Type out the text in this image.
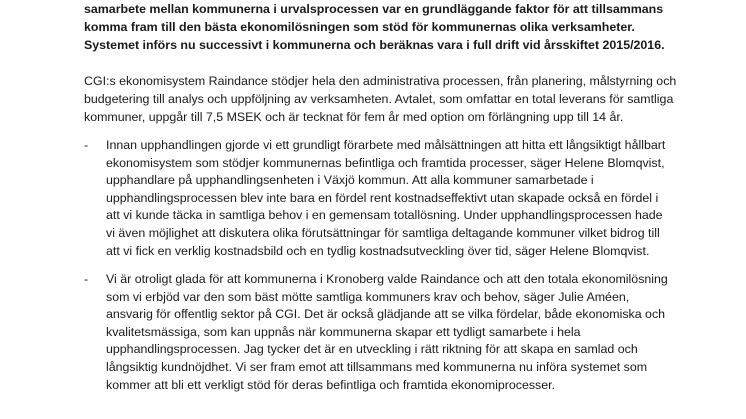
samarbete mellan kommunerna i urvalsprocessen var en grundläggande faktor för att tillsammans
komma fram till den bästa ekonomilösningen som stöd för kommunernas olika verksamheter.
Systemet införs nu successivt i kommunerna och beräknas vara i full drift vid årsskiftet 2015/2016.

CGI:s ekonomisystem Raindance stödjer hela den administrativa processen, från planering, målstyrning och
budgetering till analys och uppföljning av verksamheten. Avtalet, som omfattar en total leverans för samtliga
kommuner, uppgår till 7,5 MSEK och är tecknat för fem år med option om förlängning upp till 14 år.

-	Innan upphandlingen gjorde vi ett grundligt förarbete med målsättningen att hitta ett långsiktigt hållbart
ekonomisystem som stödjer kommunernas befintliga och framtida processer, säger Helene Blomqvist,
upphandlare på upphandlingsenheten i Växjö kommun. Att alla kommuner samarbetade i
upphandlingsprocessen blev inte bara en fördel rent kostnadseffektivt utan skapade också en fördel i
att vi kunde täcka in samtliga behov i en gemensam totallösning. Under upphandlingsprocessen hade
vi även möjlighet att diskutera olika förutsättningar för samtliga deltagande kommuner vilket bidrog till
att vi fick en verklig kostnadsbild och en tydlig kostnadsutveckling över tid, säger Helene Blomqvist.
-	Vi är otroligt glada för att kommunerna i Kronoberg valde Raindance och att den totala ekonomilösning
som vi erbjöd var den som bäst mötte samtliga kommuners krav och behov, säger Julie Améen,
ansvarig för offentlig sektor på CGI. Det är också glädjande att se vilka fördelar, både ekonomiska och
kvalitetsmässiga, som kan uppnås när kommunerna skapar ett tydligt samarbete i hela
upphandlingsprocessen. Jag tycker det är en utveckling i rätt riktning för att skapa en samlad och
långsiktig kundnöjdhet. Vi ser fram emot att tillsammans med kommunerna nu införa systemet som
kommer att bli ett verkligt stöd för deras befintliga och framtida ekonomiprocesser.
